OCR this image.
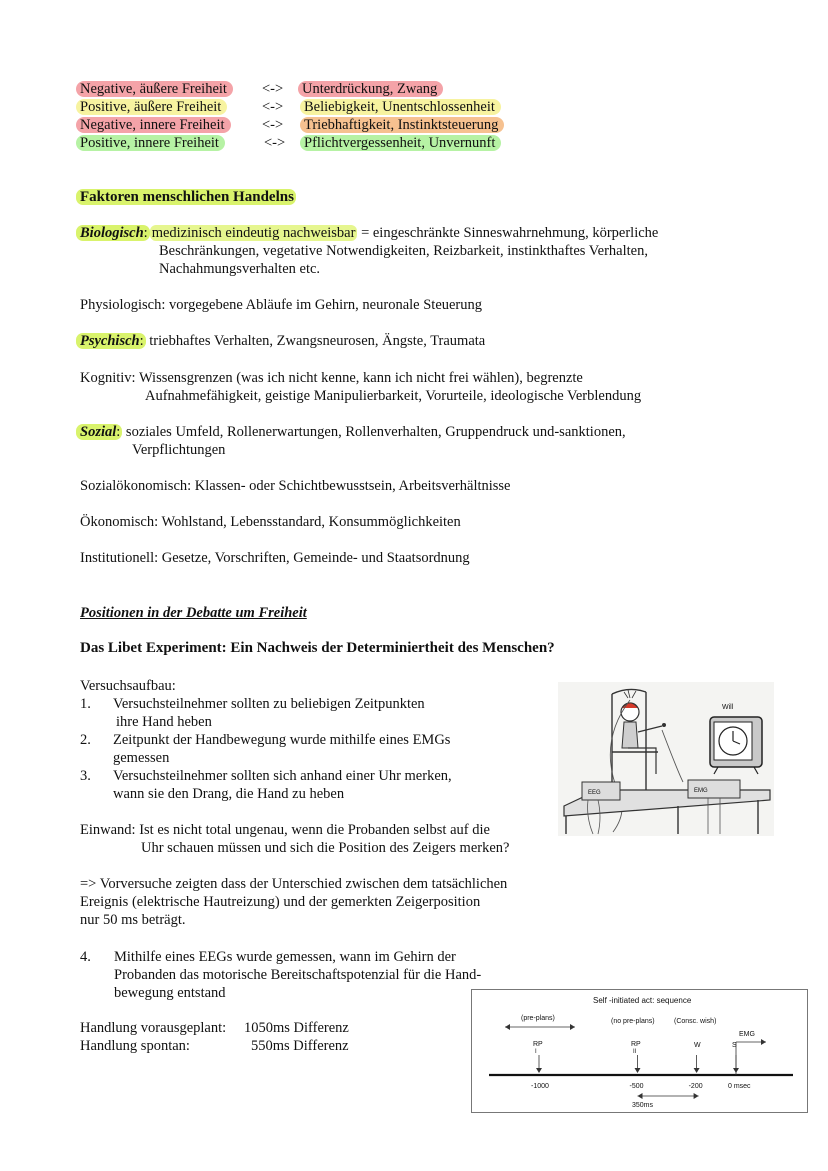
Negative, äußere Freiheit	<-> Unterdrückung, Zwang
Positive, äußere Freiheit	<-> Beliebigkeit, Unentschlossenheit
Negative, innere Freiheit	<-> Triebhaftigkeit, Instinktsteuerung
Positive, innere Freiheit	<-> Pflichtvergessenheit, Unvernunft
Faktoren menschlichen Handelns
Biologisch: medizinisch eindeutig nachweisbar = eingeschränkte Sinneswahrnehmung, körperliche
Beschränkungen, vegetative Notwendigkeiten, Reizbarkeit, instinkthaftes Verhalten,
Nachahmungsverhalten etc.
Physiologisch: vorgegebene Abläufe im Gehirn, neuronale Steuerung
Psychisch: triebhaftes Verhalten, Zwangsneurosen, Ängste, Traumata
Kognitiv: Wissensgrenzen (was ich nicht kenne, kann ich nicht frei wählen), begrenzte
Aufnahmefähigkeit, geistige Manipulierbarkeit, Vorurteile, ideologische Verblendung
Sozial: soziales Umfeld, Rollenerwartungen, Rollenverhalten, Gruppendruck und-sanktionen,
Verpflichtungen
Sozialökonomisch: Klassen- oder Schichtbewusstsein, Arbeitsverhältnisse
Ökonomisch: Wohlstand, Lebensstandard, Konsummöglichkeiten
Institutionell: Gesetze, Vorschriften, Gemeinde- und Staatsordnung
Positionen in der Debatte um Freiheit
Das Libet Experiment: Ein Nachweis der Determiniertheit des Menschen?
Versuchsaufbau:
1. Versuchsteilnehmer sollten zu beliebigen Zeitpunkten
ihre Hand heben
2. Zeitpunkt der Handbewegung wurde mithilfe eines EMGs
gemessen
3. Versuchsteilnehmer sollten sich anhand einer Uhr merken,
wann sie den Drang, die Hand zu heben
Einwand: Ist es nicht total ungenau, wenn die Probanden selbst auf die
Uhr schauen müssen und sich die Position des Zeigers merken?
=> Vorversuche zeigten dass der Unterschied zwischen dem tatsächlichen
Ereignis (elektrische Hautreizung) und der gemerkten Zeigerposition
nur 50 ms beträgt.
4. Mithilfe eines EEGs wurde gemessen, wann im Gehirn der
Probanden das motorische Bereitschaftspotenzial für die Hand-
bewegung entstand
Handlung vorausgeplant: 1050ms Differenz
Handlung spontan:	550ms Differenz
Will
EEG	EMG
Self -initiated act: sequence
(pre-plans)	(no pre-plans)	(Consc. wish)
EMG
RP
I
RP
II
W	S
-1000	-500	-200	0 msec
350ms
